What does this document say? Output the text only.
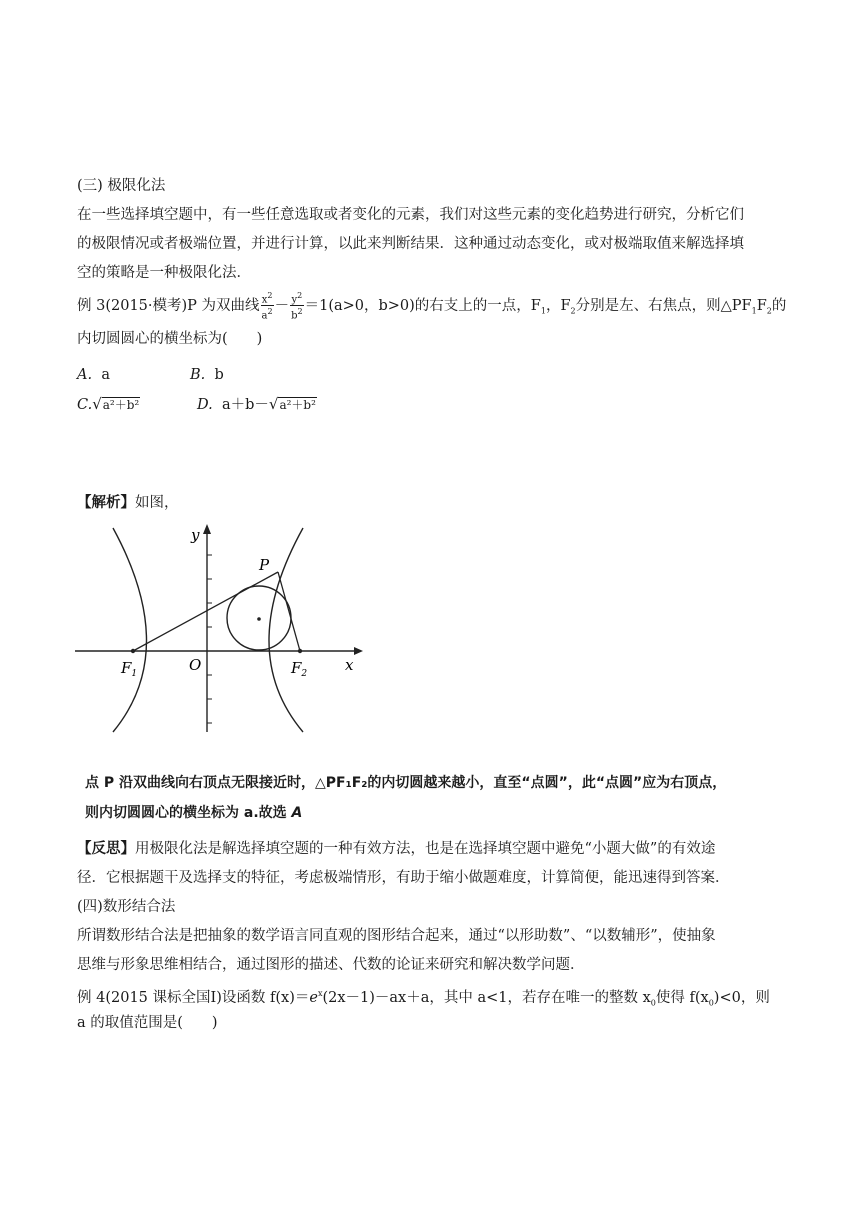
(三) 极限化法
在一些选择填空题中，有一些任意选取或者变化的元素，我们对这些元素的变化趋势进行研究，分析它们
的极限情况或者极端位置，并进行计算，以此来判断结果．这种通过动态变化，或对极端取值来解选择填
空的策略是一种极限化法．
例 3(2015·模考)P 为双曲线 $\frac{x^2}{a^2} - \frac{y^2}{b^2} =1(a>0$，b>0)的右支上的一点，$F_1$，$F_2$分别是左、右焦点，则$\triangle PF_1F_2$的
内切圆圆心的横坐标为(　　)
A. a	B. b
C.√a²＋b²	D. a＋b－√a²＋b²
【解析】如图，
y
x
O
P
$F_1$	$F_2$
点 P 沿双曲线向右顶点无限接近时，△PF₁F₂的内切圆越来越小，直至“点圆”，此“点圆”应为右顶点，
则内切圆圆心的横坐标为 a.故选 A
【反思】用极限化法是解选择填空题的一种有效方法，也是在选择填空题中避免“小题大做”的有效途
径．它根据题干及选择支的特征，考虑极端情形，有助于缩小做题难度，计算简便，能迅速得到答案．
(四)数形结合法
所谓数形结合法是把抽象的数学语言同直观的图形结合起来，通过“以形助数”、“以数辅形”，使抽象
思维与形象思维相结合，通过图形的描述、代数的论证来研究和解决数学问题．
例 4(2015 课标全国Ⅰ)设函数 $f(x)=e^x(2x-1)-ax+a$，其中 a<1，若存在唯一的整数 $x_0$使得 $f(x_0)<0$，则
a 的取值范围是(　　)
